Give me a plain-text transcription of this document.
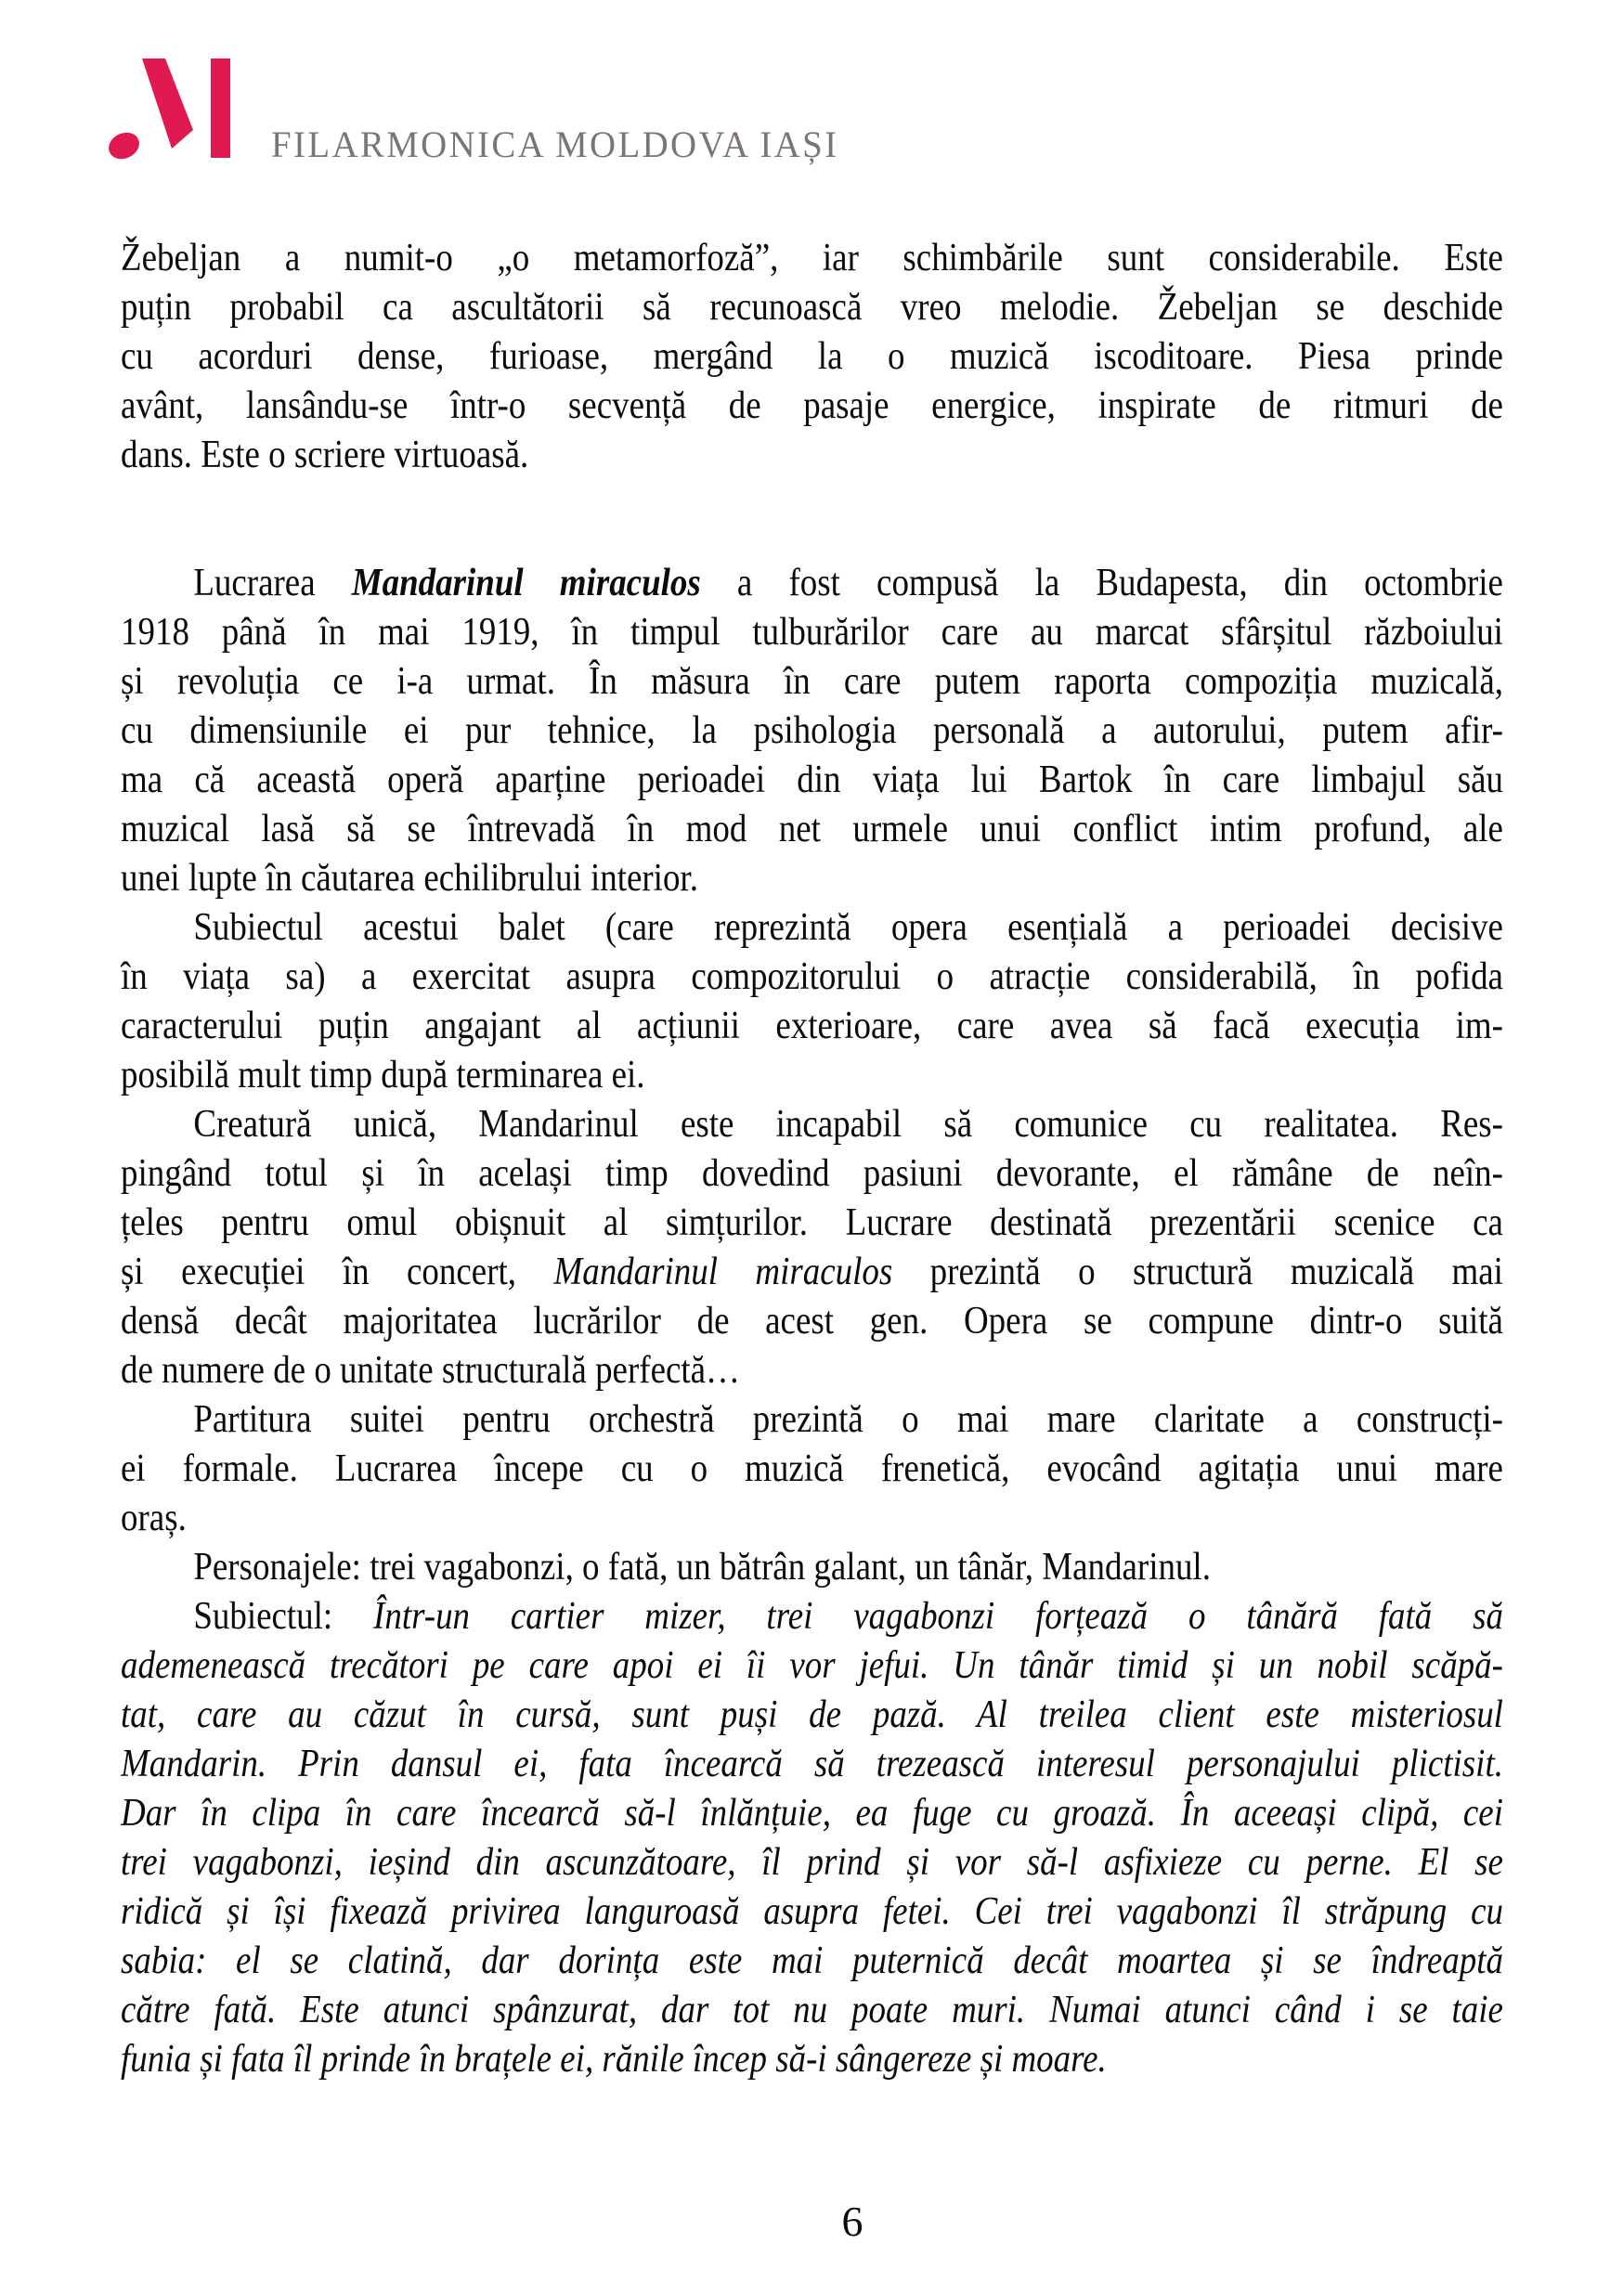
FILARMONICA MOLDOVA IAȘI
Žebeljan a numit-o „o metamorfoză”, iar schimbările sunt considerabile. Este
puțin probabil ca ascultătorii să recunoască vreo melodie. Žebeljan se deschide
cu acorduri dense, furioase, mergând la o muzică iscoditoare. Piesa prinde
avânt, lansându-se într-o secvență de pasaje energice, inspirate de ritmuri de
dans. Este o scriere virtuoasă.
Lucrarea Mandarinul miraculos a fost compusă la Budapesta, din octombrie
1918 până în mai 1919, în timpul tulburărilor care au marcat sfârșitul războiului
și revoluția ce i-a urmat. În măsura în care putem raporta compoziția muzicală,
cu dimensiunile ei pur tehnice, la psihologia personală a autorului, putem afir-
ma că această operă aparține perioadei din viața lui Bartok în care limbajul său
muzical lasă să se întrevadă în mod net urmele unui conflict intim profund, ale
unei lupte în căutarea echilibrului interior.
Subiectul acestui balet (care reprezintă opera esențială a perioadei decisive
în viața sa) a exercitat asupra compozitorului o atracție considerabilă, în pofida
caracterului puțin angajant al acțiunii exterioare, care avea să facă execuția im-
posibilă mult timp după terminarea ei.
Creatură unică, Mandarinul este incapabil să comunice cu realitatea. Res-
pingând totul și în același timp dovedind pasiuni devorante, el rămâne de neîn-
țeles pentru omul obișnuit al simțurilor. Lucrare destinată prezentării scenice ca
și execuției în concert, Mandarinul miraculos prezintă o structură muzicală mai
densă decât majoritatea lucrărilor de acest gen. Opera se compune dintr-o suită
de numere de o unitate structurală perfectă…
Partitura suitei pentru orchestră prezintă o mai mare claritate a construcți-
ei formale. Lucrarea începe cu o muzică frenetică, evocând agitația unui mare
oraș.
Personajele: trei vagabonzi, o fată, un bătrân galant, un tânăr, Mandarinul.
Subiectul: Într-un cartier mizer, trei vagabonzi forțează o tânără fată să
ademenească trecători pe care apoi ei îi vor jefui. Un tânăr timid și un nobil scăpă-
tat, care au căzut în cursă, sunt puși de pază. Al treilea client este misteriosul
Mandarin. Prin dansul ei, fata încearcă să trezească interesul personajului plictisit.
Dar în clipa în care încearcă să-l înlănțuie, ea fuge cu groază. În aceeași clipă, cei
trei vagabonzi, ieșind din ascunzătoare, îl prind și vor să-l asfixieze cu perne. El se
ridică și își fixează privirea languroasă asupra fetei. Cei trei vagabonzi îl străpung cu
sabia: el se clatină, dar dorința este mai puternică decât moartea și se îndreaptă
către fată. Este atunci spânzurat, dar tot nu poate muri. Numai atunci când i se taie
funia și fata îl prinde în brațele ei, rănile încep să-i sângereze și moare.
6
